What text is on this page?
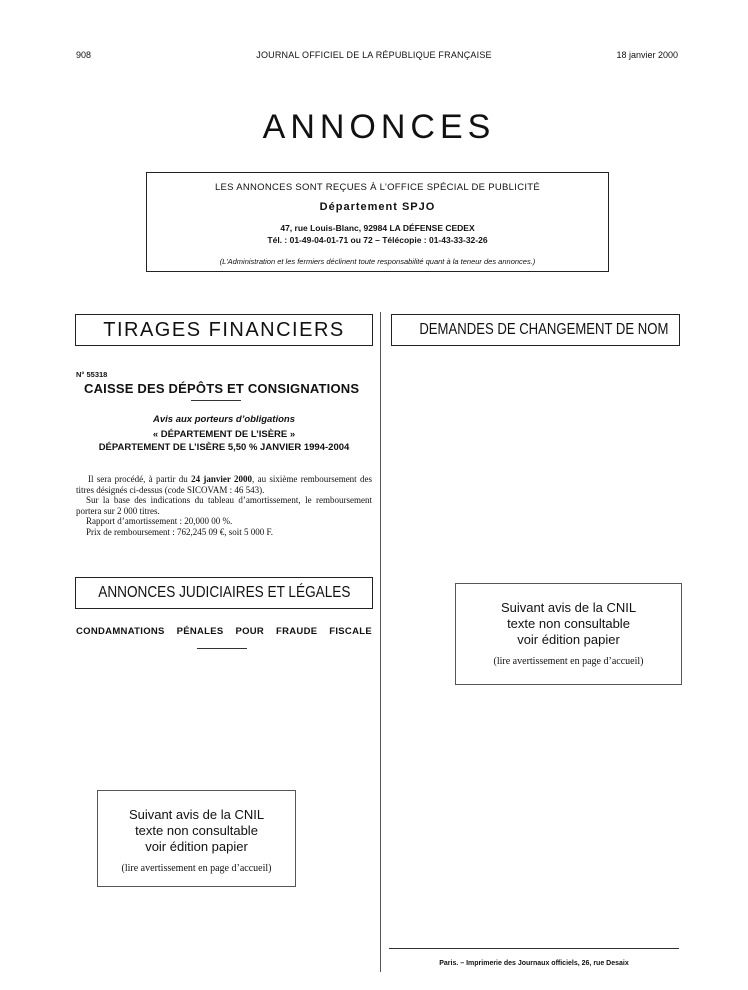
908	JOURNAL OFFICIEL DE LA RÉPUBLIQUE FRANÇAISE	18 janvier 2000
ANNONCES
LES ANNONCES SONT REÇUES À L’OFFICE SPÉCIAL DE PUBLICITÉ
Département SPJO
47, rue Louis-Blanc, 92984 LA DÉFENSE CEDEX
Tél. : 01-49-04-01-71 ou 72 – Télécopie : 01-43-33-32-26
(L’Administration et les fermiers déclinent toute responsabilité quant à la teneur des annonces.)
TIRAGES FINANCIERS
N° 55318
CAISSE DES DÉPÔTS ET CONSIGNATIONS
Avis aux porteurs d’obligations
« DÉPARTEMENT DE L’ISÈRE »
DÉPARTEMENT DE L’ISÈRE 5,50 % JANVIER 1994-2004

Il sera procédé, à partir du 24 janvier 2000, au sixième remboursement des titres désignés ci-dessus (code SICOVAM : 46 543).

Sur la base des indications du tableau d’amortissement, le remboursement portera sur 2 000 titres.

Rapport d’amortissement : 20,000 00 %.

Prix de remboursement : 762,245 09 €, soit 5 000 F.

ANNONCES JUDICIAIRES ET LÉGALES
CONDAMNATIONS PÉNALES POUR FRAUDE FISCALE
Suivant avis de la CNIL
texte non consultable
voir édition papier
(lire avertissement en page d’accueil)
DEMANDES DE CHANGEMENT DE NOM
Suivant avis de la CNIL
texte non consultable
voir édition papier
(lire avertissement en page d’accueil)
Paris. – Imprimerie des Journaux officiels, 26, rue Desaix
